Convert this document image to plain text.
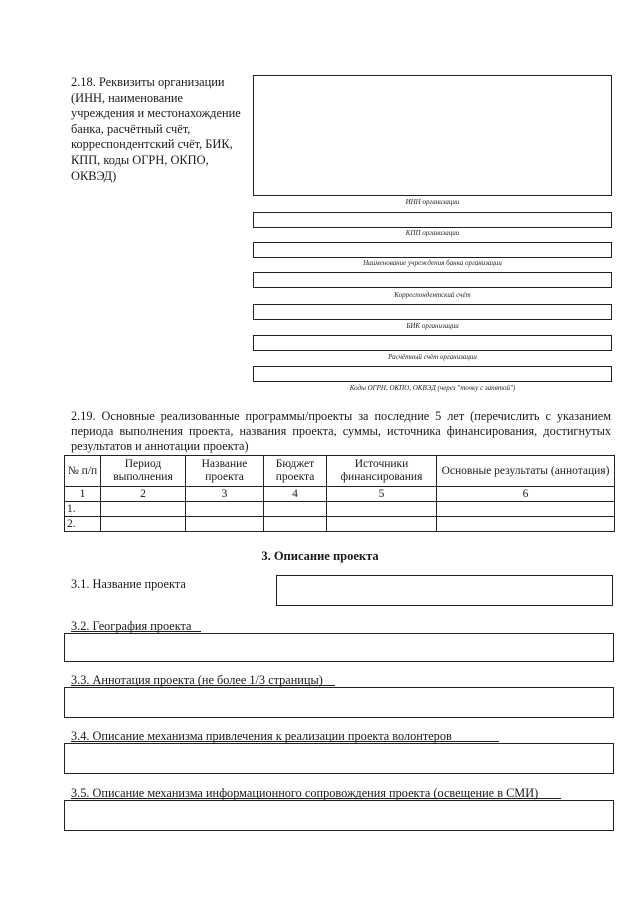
2.18. Реквизиты организации (ИНН, наименование учреждения и местонахождение банка, расчётный счёт, корреспондентский счёт, БИК, КПП, коды ОГРН, ОКПО, ОКВЭД)
ИНН организации
КПП организации
Наименование учреждения банка организации
Корреспондентский счёт
БИК организации
Расчётный счёт организации
Коды ОГРН, ОКПО, ОКВЭД (через "точку с запятой")
2.19. Основные реализованные программы/проекты за последние 5 лет (перечислить с указанием периода выполнения проекта, названия проекта, суммы, источника финансирования, достигнутых результатов и аннотации проекта)
№ п/п	Период выполнения	Название проекта	Бюджет проекта	Источники финансирования	Основные результаты (аннотация)
1	2	3	4	5	6
1.					
2.					
3. Описание проекта
3.1. Название проекта
3.2. География проекта
3.3. Аннотация проекта (не более 1/3 страницы)
3.4. Описание механизма привлечения к реализации проекта волонтеров
3.5. Описание механизма информационного сопровождения проекта (освещение в СМИ)
